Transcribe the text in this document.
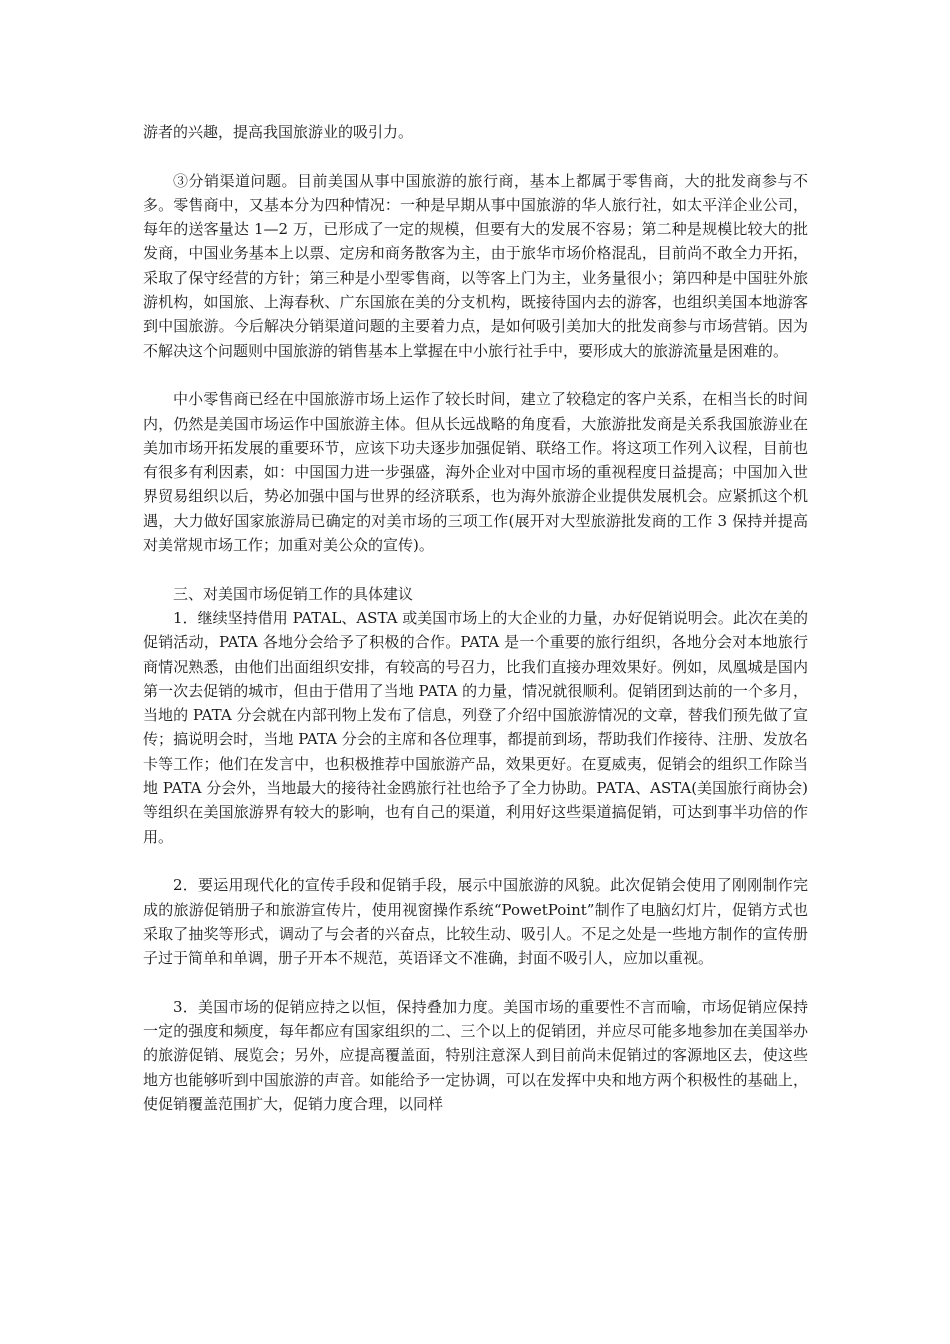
游者的兴趣，提高我国旅游业的吸引力。

③分销渠道问题。目前美国从事中国旅游的旅行商，基本上都属于零售商，大的批发商参与不多。零售商中，又基本分为四种情况：一种是早期从事中国旅游的华人旅行社，如太平洋企业公司，每年的送客量达 1—2 万，已形成了一定的规模，但要有大的发展不容易；第二种是规模比较大的批发商，中国业务基本上以票、定房和商务散客为主，由于旅华市场价格混乱，目前尚不敢全力开拓，采取了保守经营的方针；第三种是小型零售商，以等客上门为主，业务量很小；第四种是中国驻外旅游机构，如国旅、上海春秋、广东国旅在美的分支机构，既接待国内去的游客，也组织美国本地游客到中国旅游。今后解决分销渠道问题的主要着力点，是如何吸引美加大的批发商参与市场营销。因为不解决这个问题则中国旅游的销售基本上掌握在中小旅行社手中，要形成大的旅游流量是困难的。

中小零售商已经在中国旅游市场上运作了较长时间，建立了较稳定的客户关系，在相当长的时间内，仍然是美国市场运作中国旅游主体。但从长远战略的角度看，大旅游批发商是关系我国旅游业在美加市场开拓发展的重要环节，应该下功夫逐步加强促销、联络工作。将这项工作列入议程，目前也有很多有利因素，如：中国国力进一步强盛，海外企业对中国市场的重视程度日益提高；中国加入世界贸易组织以后，势必加强中国与世界的经济联系，也为海外旅游企业提供发展机会。应紧抓这个机遇，大力做好国家旅游局已确定的对美市场的三项工作(展开对大型旅游批发商的工作 3 保持并提高对美常规市场工作；加重对美公众的宣传)。

三、对美国市场促销工作的具体建议

1．继续坚持借用 PATAL、ASTA 或美国市场上的大企业的力量，办好促销说明会。此次在美的促销活动，PATA 各地分会给予了积极的合作。PATA 是一个重要的旅行组织，各地分会对本地旅行商情况熟悉，由他们出面组织安排，有较高的号召力，比我们直接办理效果好。例如，凤凰城是国内第一次去促销的城市，但由于借用了当地 PATA 的力量，情况就很顺利。促销团到达前的一个多月，当地的 PATA 分会就在内部刊物上发布了信息，列登了介绍中国旅游情况的文章，替我们预先做了宣传；搞说明会时，当地 PATA 分会的主席和各位理事，都提前到场，帮助我们作接待、注册、发放名卡等工作；他们在发言中，也积极推荐中国旅游产品，效果更好。在夏威夷，促销会的组织工作除当地 PATA 分会外，当地最大的接待社金鸥旅行社也给予了全力协助。PATA、ASTA(美国旅行商协会)等组织在美国旅游界有较大的影响，也有自己的渠道，利用好这些渠道搞促销，可达到事半功倍的作用。

2．要运用现代化的宣传手段和促销手段，展示中国旅游的风貌。此次促销会使用了刚刚制作完成的旅游促销册子和旅游宣传片，使用视窗操作系统“PowetPoint”制作了电脑幻灯片，促销方式也采取了抽奖等形式，调动了与会者的兴奋点，比较生动、吸引人。不足之处是一些地方制作的宣传册子过于简单和单调，册子开本不规范，英语译文不准确，封面不吸引人，应加以重视。

3．美国市场的促销应持之以恒，保持叠加力度。美国市场的重要性不言而喻，市场促销应保持一定的强度和频度，每年都应有国家组织的二、三个以上的促销团，并应尽可能多地参加在美国举办的旅游促销、展览会；另外，应提高覆盖面，特别注意深人到目前尚未促销过的客源地区去，使这些地方也能够听到中国旅游的声音。如能给予一定协调，可以在发挥中央和地方两个积极性的基础上，使促销覆盖范围扩大，促销力度合理，以同样
